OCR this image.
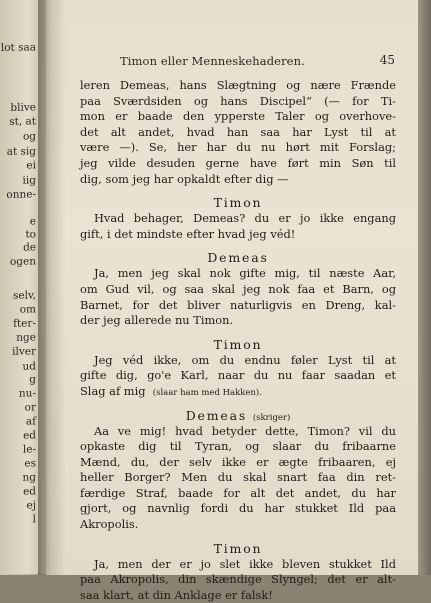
lot saa
blive
st, at
og
at sig
ei
iig
onne-
e
to
de
ogen
selv,
om
fter-
nge
ilver
ud
g
nu-
or
af
ed
le-
es
ng
ed
ej
l
Timon eller Menneskehaderen.	45
leren Demeas, hans Slægtning og nære Frænde
paa Sværdsiden og hans Discipel“ (— for Ti-
mon er baade den ypperste Taler og overhove-
det alt andet, hvad han saa har Lyst til at
være —). Se, her har du nu hørt mit Forslag;
jeg vilde desuden gerne have ført min Søn til
dig, som jeg har opkaldt efter dig —
Timon
Hvad behager, Demeas? du er jo ikke engang
gift, i det mindste efter hvad jeg véd!
Demeas
Ja, men jeg skal nok gifte mig, til næste Aar,
om Gud vil, og saa skal jeg nok faa et Barn, og
Barnet, for det bliver naturligvis en Dreng, kal-
der jeg allerede nu Timon.
Timon
Jeg véd ikke, om du endnu føler Lyst til at
gifte dig, go'e Karl, naar du nu faar saadan et
Slag af mig (slaar ham med Hakken).
Demeas (skriger)
Aa ve mig! hvad betyder dette, Timon? vil du
opkaste dig til Tyran, og slaar du fribaarne
Mænd, du, der selv ikke er ægte fribaaren, ej
heller Borger? Men du skal snart faa din ret-
færdige Straf, baade for alt det andet, du har
gjort, og navnlig fordi du har stukket Ild paa
Akropolis.
Timon
Ja, men der er jo slet ikke bleven stukket Ild
paa Akropolis, din skændige Slyngel; det er alt-
saa klart, at din Anklage er falsk!
